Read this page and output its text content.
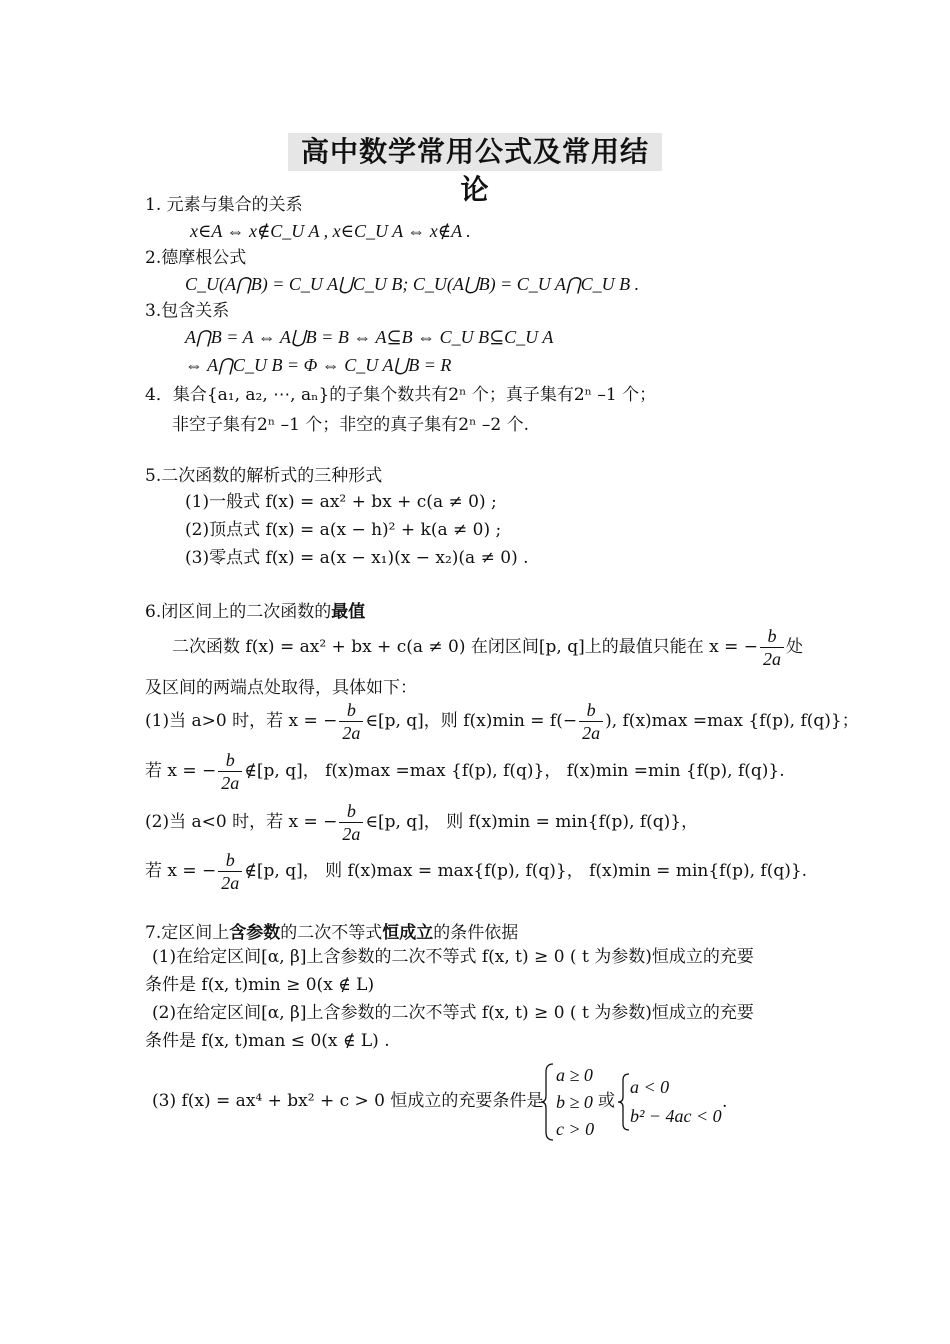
高中数学常用公式及常用结论
1. 元素与集合的关系
x∈A ⇔ x∉C_U A , x∈C_U A ⇔ x∉A .
2.德摩根公式
C_U(A⋂B) = C_U A⋃C_U B; C_U(A⋃B) = C_U A⋂C_U B .
3.包含关系
A⋂B = A ⇔ A⋃B = B ⇔ A⊆B ⇔ C_U B⊆C_U A
⇔ A⋂C_U B = Φ ⇔ C_U A⋃B = R
4．集合{a₁, a₂, ⋯, aₙ}的子集个数共有2ⁿ 个；真子集有2ⁿ –1 个；
非空子集有2ⁿ –1 个；非空的真子集有2ⁿ –2 个.
5.二次函数的解析式的三种形式
(1)一般式 f(x) = ax² + bx + c(a ≠ 0) ;
(2)顶点式 f(x) = a(x − h)² + k(a ≠ 0) ;
(3)零点式 f(x) = a(x − x₁)(x − x₂)(a ≠ 0) .
6.闭区间上的二次函数的最值
二次函数 f(x) = ax² + bx + c(a ≠ 0) 在闭区间[p, q]上的最值只能在 x = − $\frac{b}{2a}$ 处
及区间的两端点处取得，具体如下：
(1)当 a>0 时，若 x = − $\frac{b}{2a}$ ∈[p, q]，则 $f(x)\min = f(- \frac{b}{2a}$ ), f(x)max =max {f(p), f(q)}；
若 x = − $\frac{b}{2a}$ ∉[p, q]， f(x)max =max {f(p), f(q)}， f(x)min =min {f(p), f(q)}.
(2)当 a<0 时，若 x = − $\frac{b}{2a}$ ∈[p, q]， 则 f(x)min = min{f(p), f(q)}，
若 x = − $\frac{b}{2a}$ ∉[p, q]， 则 f(x)max = max{f(p), f(q)}， f(x)min = min{f(p), f(q)}.
7.定区间上含参数的二次不等式恒成立的条件依据
(1)在给定区间[α, β]上含参数的二次不等式 f(x, t) ≥ 0 ( t 为参数)恒成立的充要
条件是 f(x, t)min ≥ 0(x ∉ L)
(2)在给定区间[α, β]上含参数的二次不等式 f(x, t) ≥ 0 ( t 为参数)恒成立的充要
条件是 f(x, t)man ≤ 0(x ∉ L) .
(3) f(x) = ax⁴ + bx² + c > 0 恒成立的充要条件是
a ≥ 0
b ≥ 0
c > 0
或
a < 0
b² − 4ac < 0
.
